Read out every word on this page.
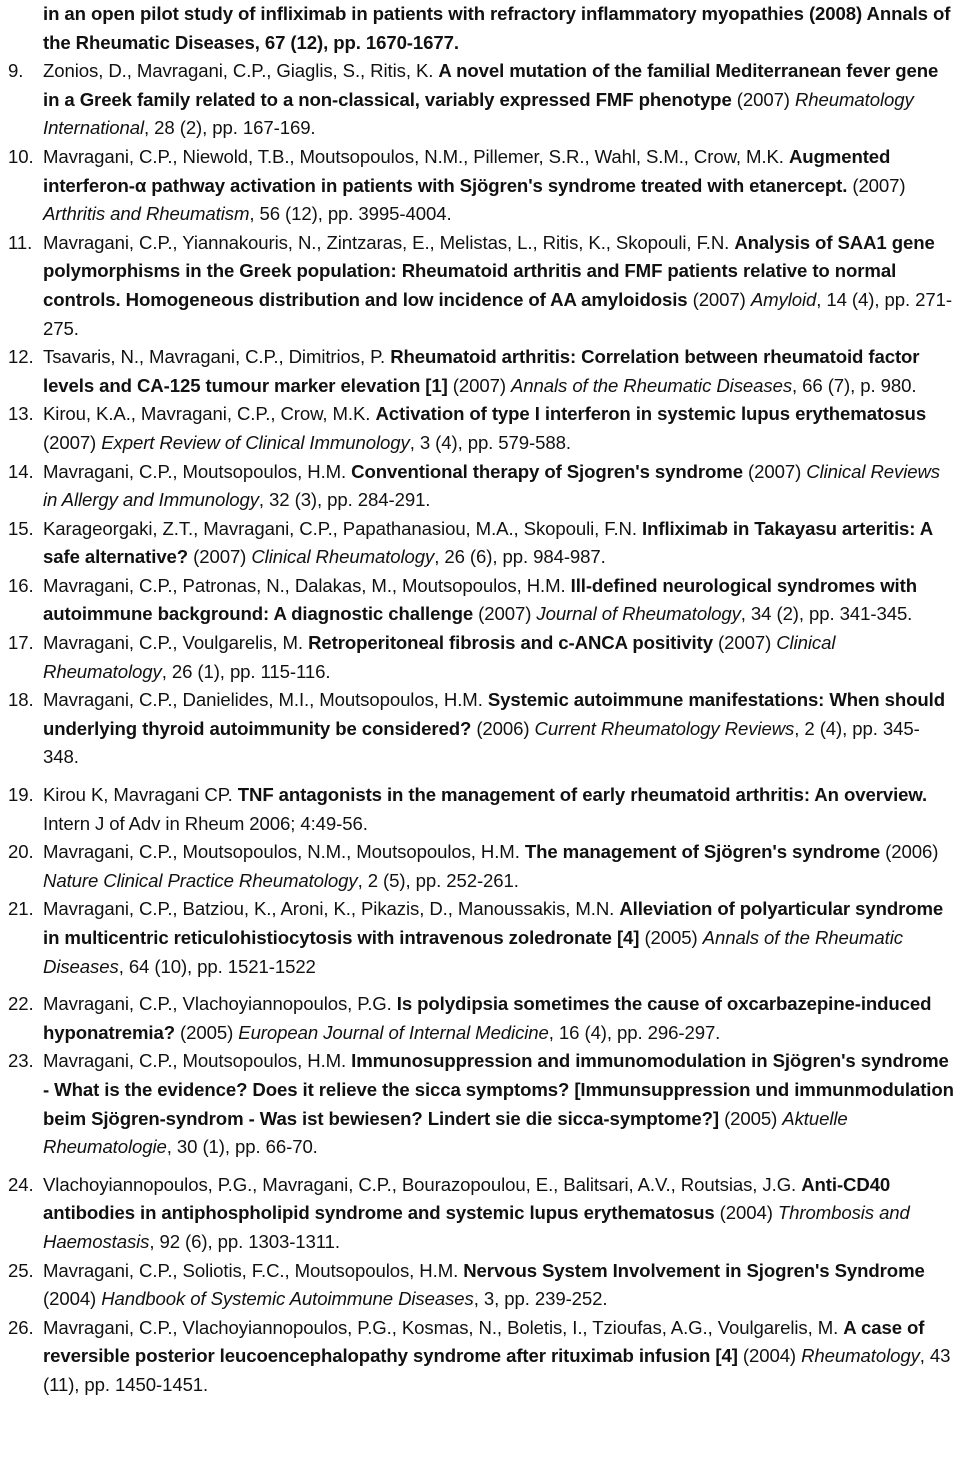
in an open pilot study of infliximab in patients with refractory inflammatory myopathies (2008) Annals of the Rheumatic Diseases, 67 (12), pp. 1670-1677.
9. Zonios, D., Mavragani, C.P., Giaglis, S., Ritis, K. A novel mutation of the familial Mediterranean fever gene in a Greek family related to a non-classical, variably expressed FMF phenotype (2007) Rheumatology International, 28 (2), pp. 167-169.
10. Mavragani, C.P., Niewold, T.B., Moutsopoulos, N.M., Pillemer, S.R., Wahl, S.M., Crow, M.K. Augmented interferon-α pathway activation in patients with Sjögren's syndrome treated with etanercept. (2007) Arthritis and Rheumatism, 56 (12), pp. 3995-4004.
11. Mavragani, C.P., Yiannakouris, N., Zintzaras, E., Melistas, L., Ritis, K., Skopouli, F.N. Analysis of SAA1 gene polymorphisms in the Greek population: Rheumatoid arthritis and FMF patients relative to normal controls. Homogeneous distribution and low incidence of AA amyloidosis (2007) Amyloid, 14 (4), pp. 271-275.
12. Tsavaris, N., Mavragani, C.P., Dimitrios, P. Rheumatoid arthritis: Correlation between rheumatoid factor levels and CA-125 tumour marker elevation [1] (2007) Annals of the Rheumatic Diseases, 66 (7), p. 980.
13. Kirou, K.A., Mavragani, C.P., Crow, M.K. Activation of type I interferon in systemic lupus erythematosus (2007) Expert Review of Clinical Immunology, 3 (4), pp. 579-588.
14. Mavragani, C.P., Moutsopoulos, H.M. Conventional therapy of Sjogren's syndrome (2007) Clinical Reviews in Allergy and Immunology, 32 (3), pp. 284-291.
15. Karageorgaki, Z.T., Mavragani, C.P., Papathanasiou, M.A., Skopouli, F.N. Infliximab in Takayasu arteritis: A safe alternative? (2007) Clinical Rheumatology, 26 (6), pp. 984-987.
16. Mavragani, C.P., Patronas, N., Dalakas, M., Moutsopoulos, H.M. Ill-defined neurological syndromes with autoimmune background: A diagnostic challenge (2007) Journal of Rheumatology, 34 (2), pp. 341-345.
17. Mavragani, C.P., Voulgarelis, M. Retroperitoneal fibrosis and c-ANCA positivity (2007) Clinical Rheumatology, 26 (1), pp. 115-116.
18. Mavragani, C.P., Danielides, M.I., Moutsopoulos, H.M. Systemic autoimmune manifestations: When should underlying thyroid autoimmunity be considered? (2006) Current Rheumatology Reviews, 2 (4), pp. 345-348.
19. Kirou K, Mavragani CP. TNF antagonists in the management of early rheumatoid arthritis: An overview. Intern J of Adv in Rheum 2006; 4:49-56.
20. Mavragani, C.P., Moutsopoulos, N.M., Moutsopoulos, H.M. The management of Sjögren's syndrome (2006) Nature Clinical Practice Rheumatology, 2 (5), pp. 252-261.
21. Mavragani, C.P., Batziou, K., Aroni, K., Pikazis, D., Manoussakis, M.N. Alleviation of polyarticular syndrome in multicentric reticulohistiocytosis with intravenous zoledronate [4] (2005) Annals of the Rheumatic Diseases, 64 (10), pp. 1521-1522
22. Mavragani, C.P., Vlachoyiannopoulos, P.G. Is polydipsia sometimes the cause of oxcarbazepine-induced hyponatremia? (2005) European Journal of Internal Medicine, 16 (4), pp. 296-297.
23. Mavragani, C.P., Moutsopoulos, H.M. Immunosuppression and immunomodulation in Sjögren's syndrome - What is the evidence? Does it relieve the sicca symptoms? [Immunsuppression und immunmodulation beim Sjögren-syndrom - Was ist bewiesen? Lindert sie die sicca-symptome?] (2005) Aktuelle Rheumatologie, 30 (1), pp. 66-70.
24. Vlachoyiannopoulos, P.G., Mavragani, C.P., Bourazopoulou, E., Balitsari, A.V., Routsias, J.G. Anti-CD40 antibodies in antiphospholipid syndrome and systemic lupus erythematosus (2004) Thrombosis and Haemostasis, 92 (6), pp. 1303-1311.
25. Mavragani, C.P., Soliotis, F.C., Moutsopoulos, H.M. Nervous System Involvement in Sjogren's Syndrome (2004) Handbook of Systemic Autoimmune Diseases, 3, pp. 239-252.
26. Mavragani, C.P., Vlachoyiannopoulos, P.G., Kosmas, N., Boletis, I., Tzioufas, A.G., Voulgarelis, M. A case of reversible posterior leucoencephalopathy syndrome after rituximab infusion [4] (2004) Rheumatology, 43 (11), pp. 1450-1451.
